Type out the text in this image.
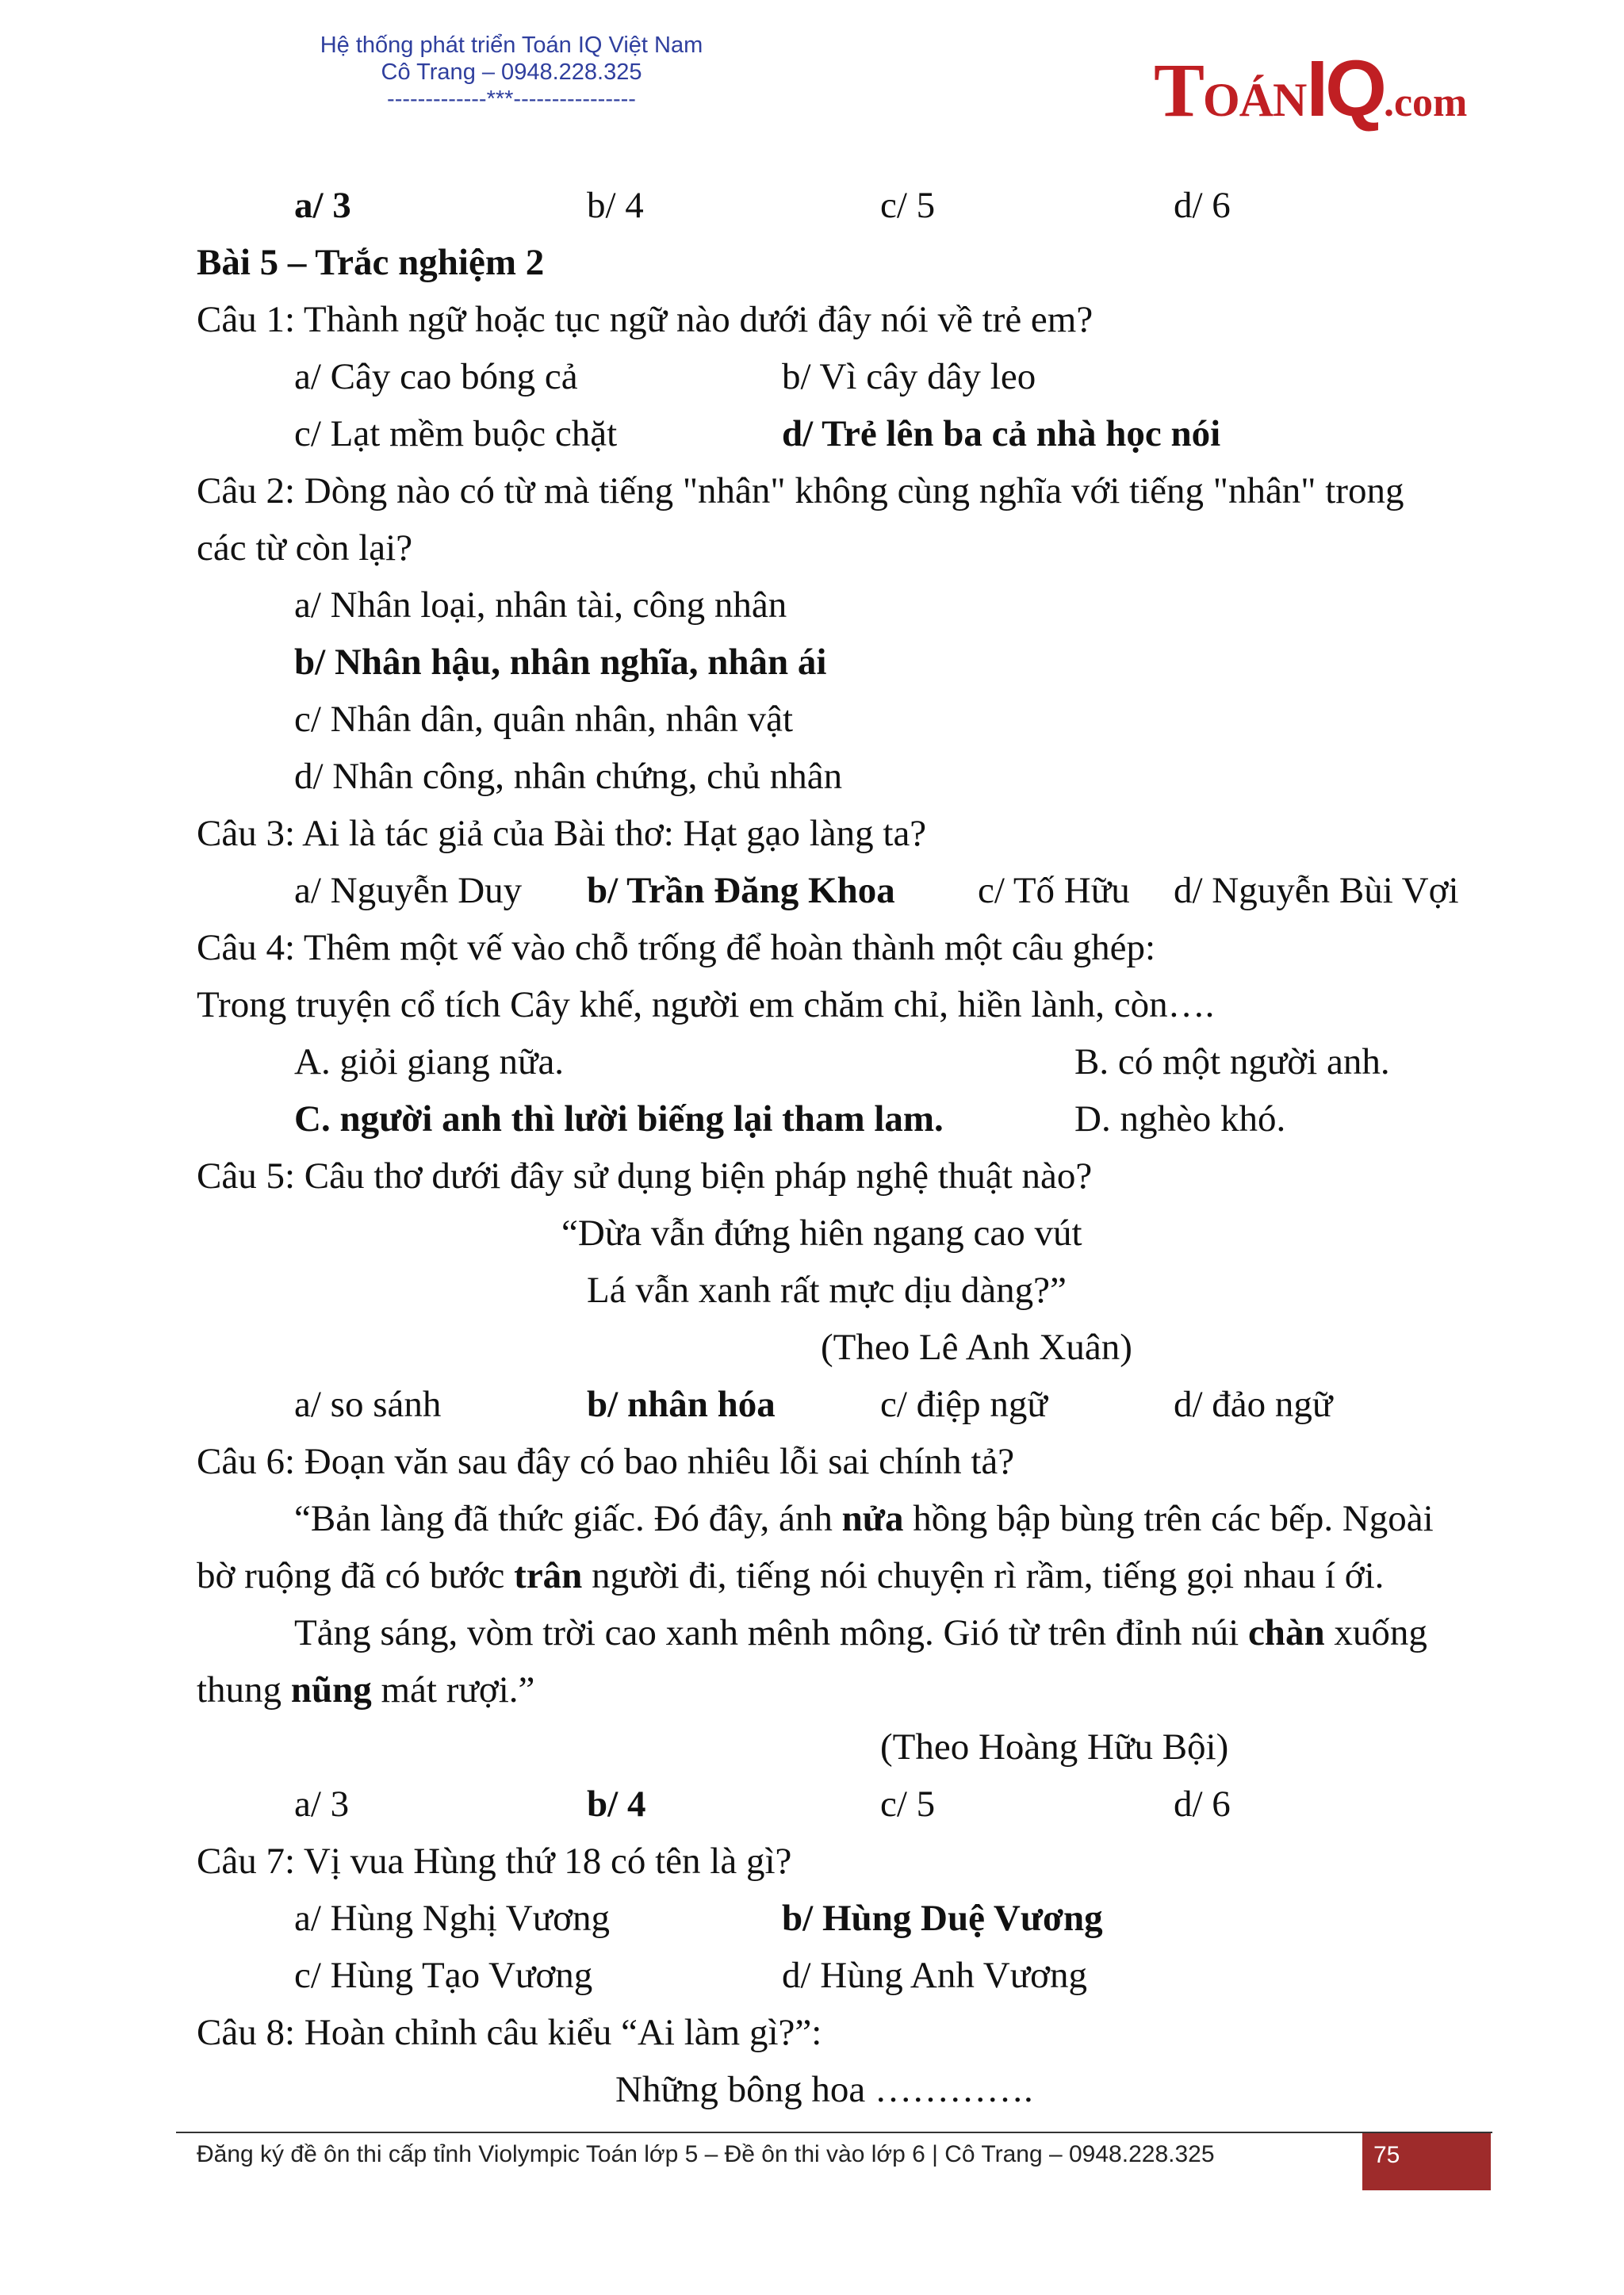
Hệ thống phát triển Toán IQ Việt Nam
Cô Trang – 0948.228.325
-------------***----------------	TOÁNIQ.com
a/ 3	b/ 4	c/ 5	d/ 6
Bài 5 – Trắc nghiệm 2
Câu 1: Thành ngữ hoặc tục ngữ nào dưới đây nói về trẻ em?
a/ Cây cao bóng cả	b/ Vì cây dây leo
c/ Lạt mềm buộc chặt	d/ Trẻ lên ba cả nhà học nói
Câu 2: Dòng nào có từ mà tiếng "nhân" không cùng nghĩa với tiếng "nhân" trong
các từ còn lại?
a/ Nhân loại, nhân tài, công nhân
b/ Nhân hậu, nhân nghĩa, nhân ái
c/ Nhân dân, quân nhân, nhân vật
d/ Nhân công, nhân chứng, chủ nhân
Câu 3: Ai là tác giả của Bài thơ: Hạt gạo làng ta?
a/ Nguyễn Duy b/ Trần Đăng Khoa c/ Tố Hữu d/ Nguyễn Bùi Vợi
Câu 4: Thêm một vế vào chỗ trống để hoàn thành một câu ghép:
Trong truyện cổ tích Cây khế, người em chăm chỉ, hiền lành, còn….
A. giỏi giang nữa.	B. có một người anh.
C. người anh thì lười biếng lại tham lam.	D. nghèo khó.
Câu 5: Câu thơ dưới đây sử dụng biện pháp nghệ thuật nào?
“Dừa vẫn đứng hiên ngang cao vút
Lá vẫn xanh rất mực dịu dàng?”
(Theo Lê Anh Xuân)
a/ so sánh	b/ nhân hóa	c/ điệp ngữ	d/ đảo ngữ
Câu 6: Đoạn văn sau đây có bao nhiêu lỗi sai chính tả?
“Bản làng đã thức giấc. Đó đây, ánh nửa hồng bập bùng trên các bếp. Ngoài
bờ ruộng đã có bước trân người đi, tiếng nói chuyện rì rầm, tiếng gọi nhau í ới.
Tảng sáng, vòm trời cao xanh mênh mông. Gió từ trên đỉnh núi chàn xuống
thung nũng mát rượi.”
(Theo Hoàng Hữu Bội)
a/ 3	b/ 4	c/ 5	d/ 6
Câu 7: Vị vua Hùng thứ 18 có tên là gì?
a/ Hùng Nghị Vương	b/ Hùng Duệ Vương
c/ Hùng Tạo Vương	d/ Hùng Anh Vương
Câu 8: Hoàn chỉnh câu kiểu “Ai làm gì?”:
Những bông hoa ………….
Đăng ký đề ôn thi cấp tỉnh Violympic Toán lớp 5 – Đề ôn thi vào lớp 6 | Cô Trang – 0948.228.325	75
